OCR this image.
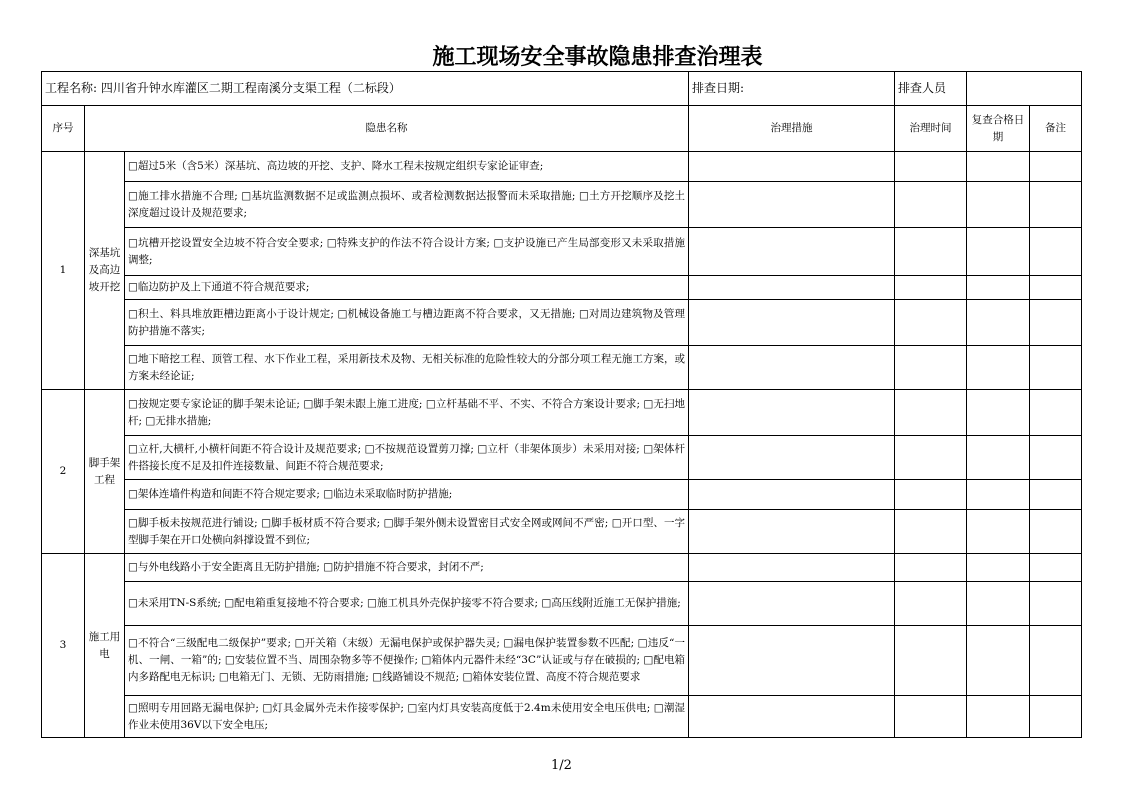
施工现场安全事故隐患排查治理表
工程名称: 四川省升钟水库灌区二期工程南溪分支渠工程（二标段）			排查日期:	排查人员		
序号	隐患名称		治理措施	治理时间	复查合格日期	备注
1	深基坑及高边坡开挖	□超过5米（含5米）深基坑、高边坡的开挖、支护、降水工程未按规定组织专家论证审查;				
		□施工排水措施不合理; □基坑监测数据不足或监测点损坏、或者检测数据达报警而未采取措施; □土方开挖顺序及挖土深度超过设计及规范要求;				
		□坑槽开挖设置安全边坡不符合安全要求; □特殊支护的作法不符合设计方案; □支护设施已产生局部变形又未采取措施调整;				
		□临边防护及上下通道不符合规范要求;				
		□积土、料具堆放距槽边距离小于设计规定; □机械设备施工与槽边距离不符合要求，又无措施; □对周边建筑物及管理防护措施不落实;				
		□地下暗挖工程、顶管工程、水下作业工程，采用新技术及物、无相关标准的危险性较大的分部分项工程无施工方案，或方案未经论证;				
2	脚手架工程	□按规定要专家论证的脚手架未论证; □脚手架未跟上施工进度; □立杆基础不平、不实、不符合方案设计要求; □无扫地杆; □无排水措施;				
		□立杆,大横杆,小横杆间距不符合设计及规范要求; □不按规范设置剪刀撑; □立杆（非架体顶步）未采用对接; □架体杆件搭接长度不足及扣件连接数量、间距不符合规范要求;				
		□架体连墙件构造和间距不符合规定要求; □临边未采取临时防护措施;				
		□脚手板未按规范进行铺设; □脚手板材质不符合要求; □脚手架外侧未设置密目式安全网或网间不严密; □开口型、一字型脚手架在开口处横向斜撑设置不到位;				
3	施工用电	□与外电线路小于安全距离且无防护措施; □防护措施不符合要求，封闭不严;				
		□未采用TN-S系统; □配电箱重复接地不符合要求; □施工机具外壳保护接零不符合要求; □高压线附近施工无保护措施;				
		□不符合“三级配电二级保护”要求; □开关箱（末级）无漏电保护或保护器失灵; □漏电保护装置参数不匹配; □违反“一机、一闸、一箱”的; □安装位置不当、周围杂物多等不便操作; □箱体内元器件未经“3C”认证或与存在破损的; □配电箱内多路配电无标识; □电箱无门、无锁、无防雨措施; □线路铺设不规范; □箱体安装位置、高度不符合规范要求				
		□照明专用回路无漏电保护; □灯具金属外壳未作接零保护; □室内灯具安装高度低于2.4m未使用安全电压供电; □潮湿作业未使用36V以下安全电压;				
1/2
